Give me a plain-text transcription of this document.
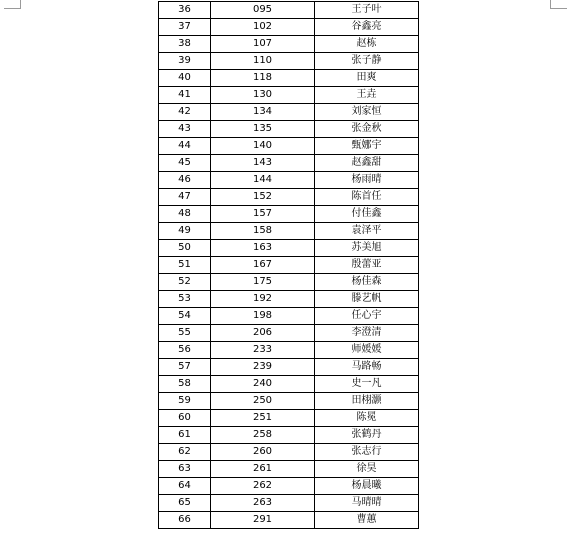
36	095	王子叶
37	102	谷鑫亮
38	107	赵栋
39	110	张子静
40	118	田爽
41	130	王垚
42	134	刘家恒
43	135	张金秋
44	140	甄娜宇
45	143	赵鑫甜
46	144	杨雨晴
47	152	陈首任
48	157	付佳鑫
49	158	袁泽平
50	163	苏美旭
51	167	殷蕾亚
52	175	杨佳森
53	192	滕艺帆
54	198	任心宇
55	206	李澄清
56	233	师媛媛
57	239	马路畅
58	240	史一凡
59	250	田栩灏
60	251	陈冕
61	258	张鹤丹
62	260	张志行
63	261	徐昊
64	262	杨晨曦
65	263	马晴晴
66	291	曹蕙
